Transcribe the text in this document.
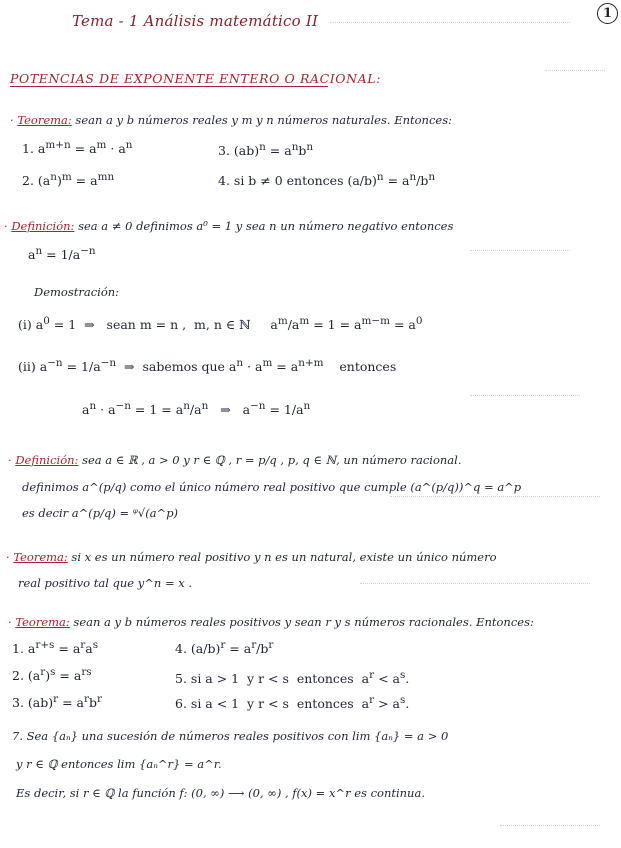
Tema - 1 Análisis matemático II	1
POTENCIAS DE EXPONENTE ENTERO O RACIONAL:
· Teorema: sean a y b números reales y m y n números naturales. Entonces:
1. $a^{m+n} = a^m \cdot a^n$	3. $(ab)^n = a^nb^n$
2. $(a^n)^m = a^{mn}$	4. si b ≠ 0 entonces $(a/b)^n = a^n/b^n$
· Definición: sea a ≠ 0 definimos a⁰ = 1 y sea n un número negativo entonces
$a^n = 1/a^{-n}$
Demostración:
(i) $a^0 = 1$  ⇒   sean m = n ,  m, n ∈ ℕ     $a^m/a^m = 1 = a^{m-m} = a^0$
(ii) $a^{-n} = 1/a^{-n}$  ⇒  sabemos que $a^n \cdot a^m = a^{n+m}$    entonces
$a^n \cdot a^{-n} = 1 = a^n/a^n$   ⇒   $a^{-n} = 1/a^n$
· Definición: sea a ∈ ℝ , a > 0 y r ∈ ℚ , r = p/q , p, q ∈ ℕ, un número racional.
definimos a^(p/q) como el único número real positivo que cumple (a^(p/q))^q = a^p
es decir a^(p/q) = ᵠ√(a^p)
· Teorema: si x es un número real positivo y n es un natural, existe un único número
real positivo tal que y^n = x .
· Teorema: sean a y b números reales positivos y sean r y s números racionales. Entonces:
1. $a^{r+s} = a^ra^s$	4. $(a/b)^r = a^r/b^r$
2. $(a^r)^s = a^{rs}$	5. si a > 1  y r < s  entonces  $a^r < a^s$.
3. $(ab)^r = a^rb^r$	6. si a < 1  y r < s  entonces  $a^r > a^s$.
7. Sea {aₙ} una sucesión de números reales positivos con lim {aₙ} = a > 0
y r ∈ ℚ entonces lim {aₙ^r} = a^r.
Es decir, si r ∈ ℚ la función f: (0, ∞) ⟶ (0, ∞) , f(x) = x^r es continua.
